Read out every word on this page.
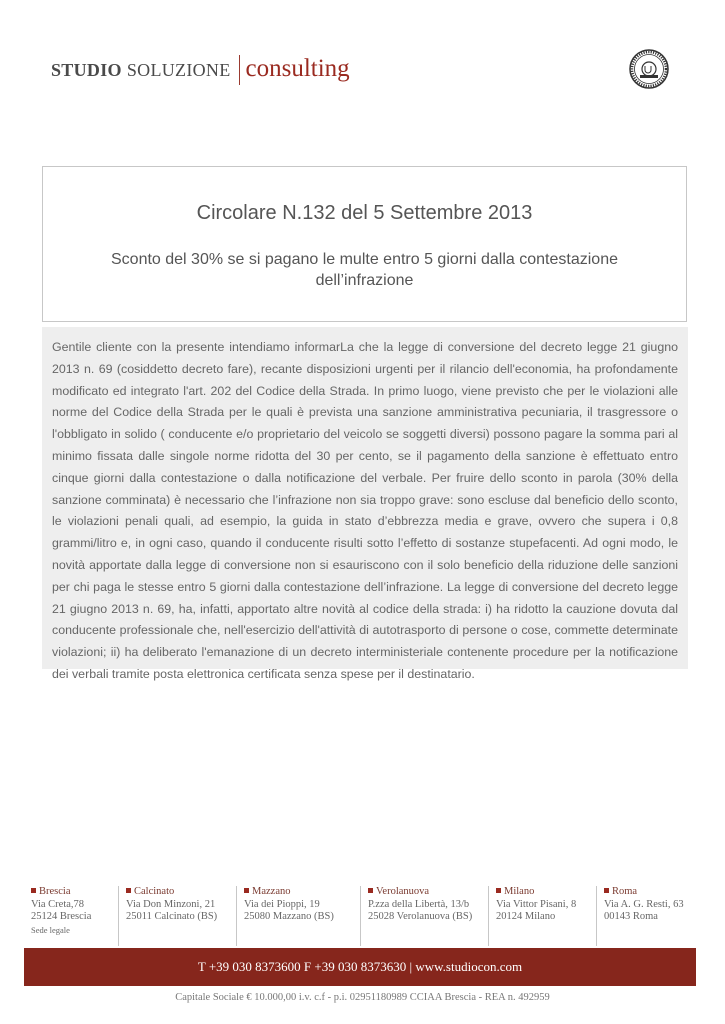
STUDIO SOLUZIONE consulting
Circolare N.132 del 5 Settembre 2013
Sconto del 30% se si pagano le multe entro 5 giorni dalla contestazione dell’infrazione

Gentile cliente con la presente intendiamo informarLa che la legge di conversione del decreto legge 21 giugno 2013 n. 69 (cosiddetto decreto fare), recante disposizioni urgenti per il rilancio dell'economia, ha profondamente modificato ed integrato l'art. 202 del Codice della Strada. In primo luogo, viene previsto che per le violazioni alle norme del Codice della Strada per le quali è prevista una sanzione amministrativa pecuniaria, il trasgressore o l'obbligato in solido ( conducente e/o proprietario del veicolo se soggetti diversi) possono pagare la somma pari al minimo fissata dalle singole norme ridotta del 30 per cento, se il pagamento della sanzione è effettuato entro cinque giorni dalla contestazione o dalla notificazione del verbale. Per fruire dello sconto in parola (30% della sanzione comminata) è necessario che l’infrazione non sia troppo grave: sono escluse dal beneficio dello sconto, le violazioni penali quali, ad esempio, la guida in stato d’ebbrezza media e grave, ovvero che supera i 0,8 grammi/litro e, in ogni caso, quando il conducente risulti sotto l’effetto di sostanze stupefacenti. Ad ogni modo, le novità apportate dalla legge di conversione non si esauriscono con il solo beneficio della riduzione delle sanzioni per chi paga le stesse entro 5 giorni dalla contestazione dell’infrazione. La legge di conversione del decreto legge 21 giugno 2013 n. 69, ha, infatti, apportato altre novità al codice della strada: i) ha ridotto la cauzione dovuta dal conducente professionale che, nell'esercizio dell'attività di autotrasporto di persone o cose, commette determinate violazioni; ii) ha deliberato l'emanazione di un decreto interministeriale contenente procedure per la notificazione dei verbali tramite posta elettronica certificata senza spese per il destinatario.

Brescia
Via Creta,78
25124 Brescia
Sede legale
Calcinato
Via Don Minzoni, 21
25011 Calcinato (BS)
Mazzano
Via dei Pioppi, 19
25080 Mazzano (BS)
Verolanuova
P.zza della Libertà, 13/b
25028 Verolanuova (BS)
Milano
Via Vittor Pisani, 8
20124 Milano
Roma
Via A. G. Resti, 63
00143 Roma
T +39 030 8373600 F +39 030 8373630 | www.studiocon.com
Capitale Sociale € 10.000,00 i.v. c.f - p.i. 02951180989 CCIAA Brescia - REA n. 492959
